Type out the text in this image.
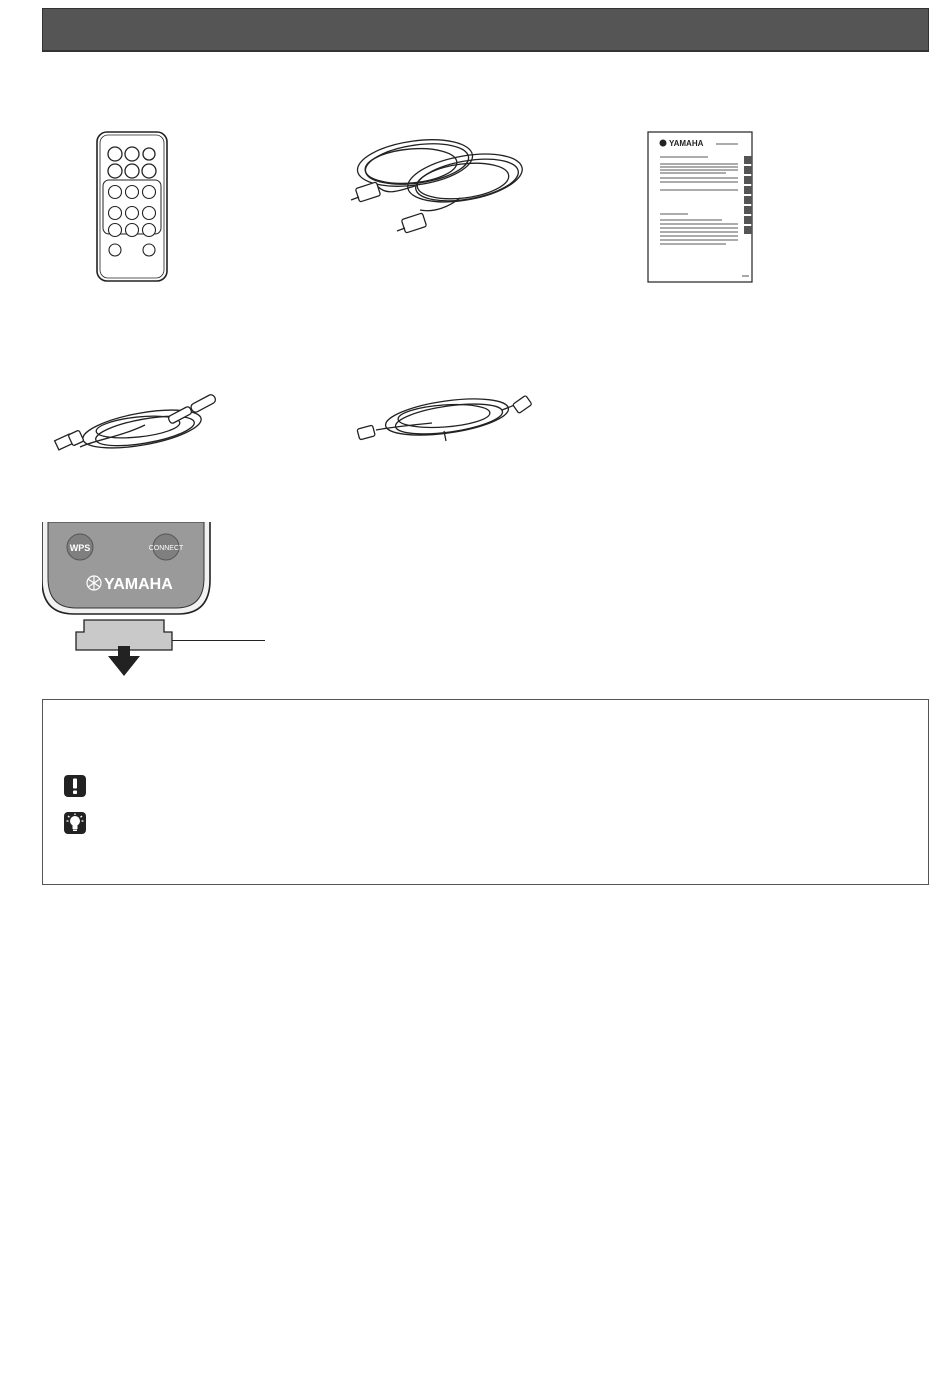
YAMAHA
WPS	CONNECT
YAMAHA
